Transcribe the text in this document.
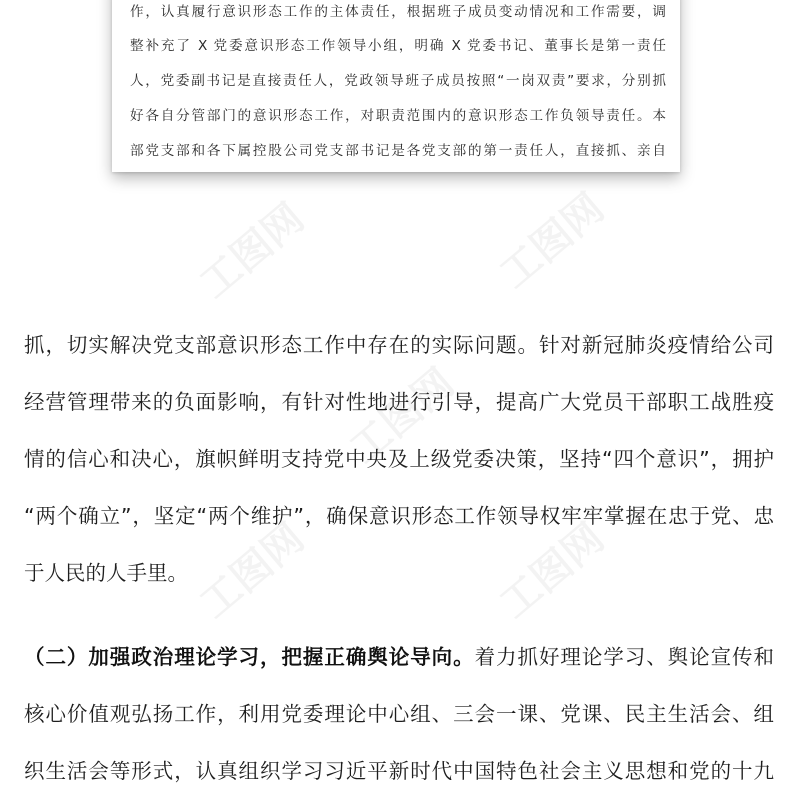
工图网	工图网
工图网
工图网	工图网
作，认真履行意识形态工作的主体责任，根据班子成员变动情况和工作需要，调
整补充了 X 党委意识形态工作领导小组，明确 X 党委书记、董事长是第一责任
人，党委副书记是直接责任人，党政领导班子成员按照“一岗双责”要求，分别抓
好各自分管部门的意识形态工作，对职责范围内的意识形态工作负领导责任。本
部党支部和各下属控股公司党支部书记是各党支部的第一责任人，直接抓、亲自
抓，切实解决党支部意识形态工作中存在的实际问题。针对新冠肺炎疫情给公司
经营管理带来的负面影响，有针对性地进行引导，提高广大党员干部职工战胜疫
情的信心和决心，旗帜鲜明支持党中央及上级党委决策，坚持“四个意识”，拥护
“两个确立”，坚定“两个维护”，确保意识形态工作领导权牢牢掌握在忠于党、忠
于人民的人手里。
（二）加强政治理论学习，把握正确舆论导向。着力抓好理论学习、舆论宣传和
核心价值观弘扬工作，利用党委理论中心组、三会一课、党课、民主生活会、组
织生活会等形式，认真组织学习习近平新时代中国特色社会主义思想和党的十九
